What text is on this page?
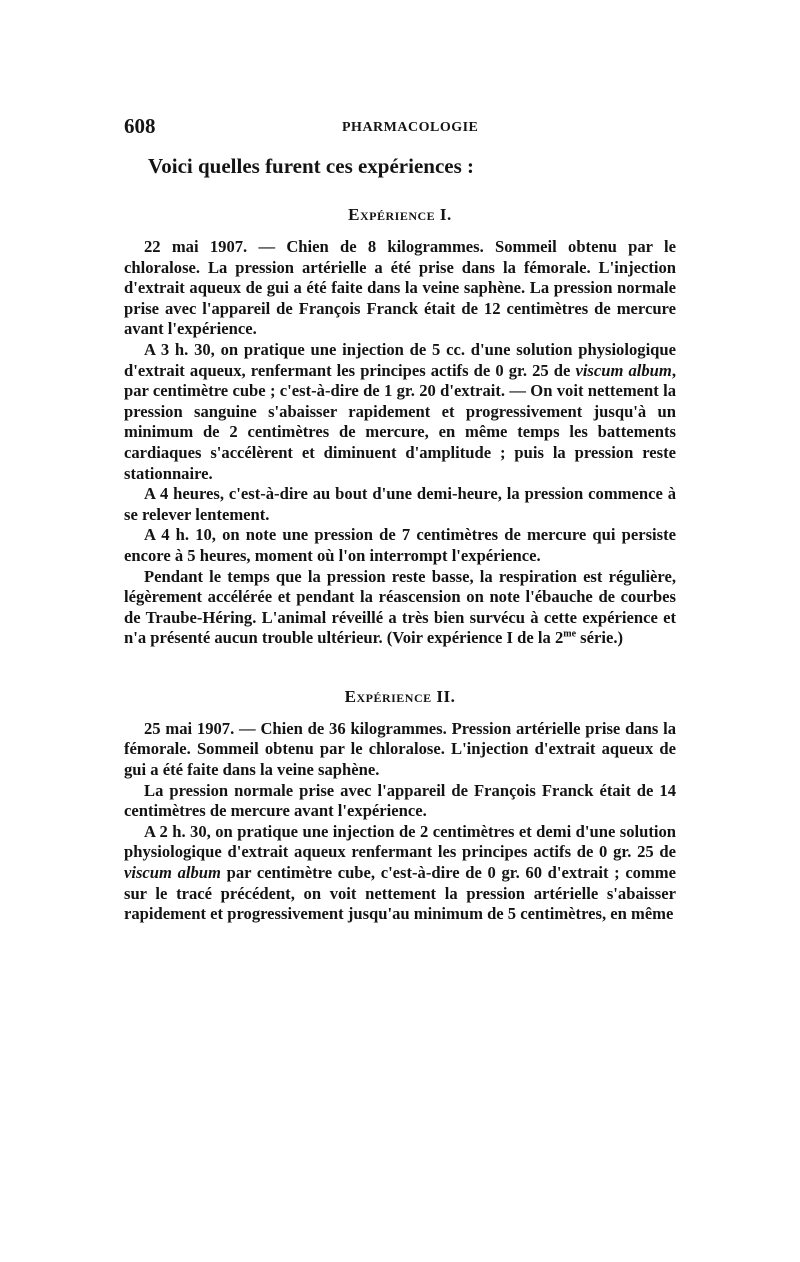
608	PHARMACOLOGIE

Voici quelles furent ces expériences :

Expérience I.

22 mai 1907. — Chien de 8 kilogrammes. Sommeil obtenu par le chloralose. La pression artérielle a été prise dans la fémorale. L'injection d'extrait aqueux de gui a été faite dans la veine saphène. La pression normale prise avec l'appareil de François Franck était de 12 centimètres de mercure avant l'expérience.

A 3 h. 30, on pratique une injection de 5 cc. d'une solution physiologique d'extrait aqueux, renfermant les principes actifs de 0 gr. 25 de viscum album, par centimètre cube ; c'est-à-dire de 1 gr. 20 d'extrait. — On voit nettement la pression sanguine s'abaisser rapidement et progressivement jusqu'à un minimum de 2 centimètres de mercure, en même temps les battements cardiaques s'accélèrent et diminuent d'amplitude ; puis la pression reste stationnaire.

A 4 heures, c'est-à-dire au bout d'une demi-heure, la pression commence à se relever lentement.

A 4 h. 10, on note une pression de 7 centimètres de mercure qui persiste encore à 5 heures, moment où l'on interrompt l'expérience.

Pendant le temps que la pression reste basse, la respiration est régulière, légèrement accélérée et pendant la réascension on note l'ébauche de courbes de Traube-Héring. L'animal réveillé a très bien survécu à cette expérience et n'a présenté aucun trouble ultérieur. (Voir expérience I de la $2^{me}$ série.)

Expérience II.

25 mai 1907. — Chien de 36 kilogrammes. Pression artérielle prise dans la fémorale. Sommeil obtenu par le chloralose. L'injection d'extrait aqueux de gui a été faite dans la veine saphène.

La pression normale prise avec l'appareil de François Franck était de 14 centimètres de mercure avant l'expérience.

A 2 h. 30, on pratique une injection de 2 centimètres et demi d'une solution physiologique d'extrait aqueux renfermant les principes actifs de 0 gr. 25 de viscum album par centimètre cube, c'est-à-dire de 0 gr. 60 d'extrait ; comme sur le tracé précédent, on voit nettement la pression artérielle s'abaisser rapidement et progressivement jusqu'au minimum de 5 centimètres, en même
